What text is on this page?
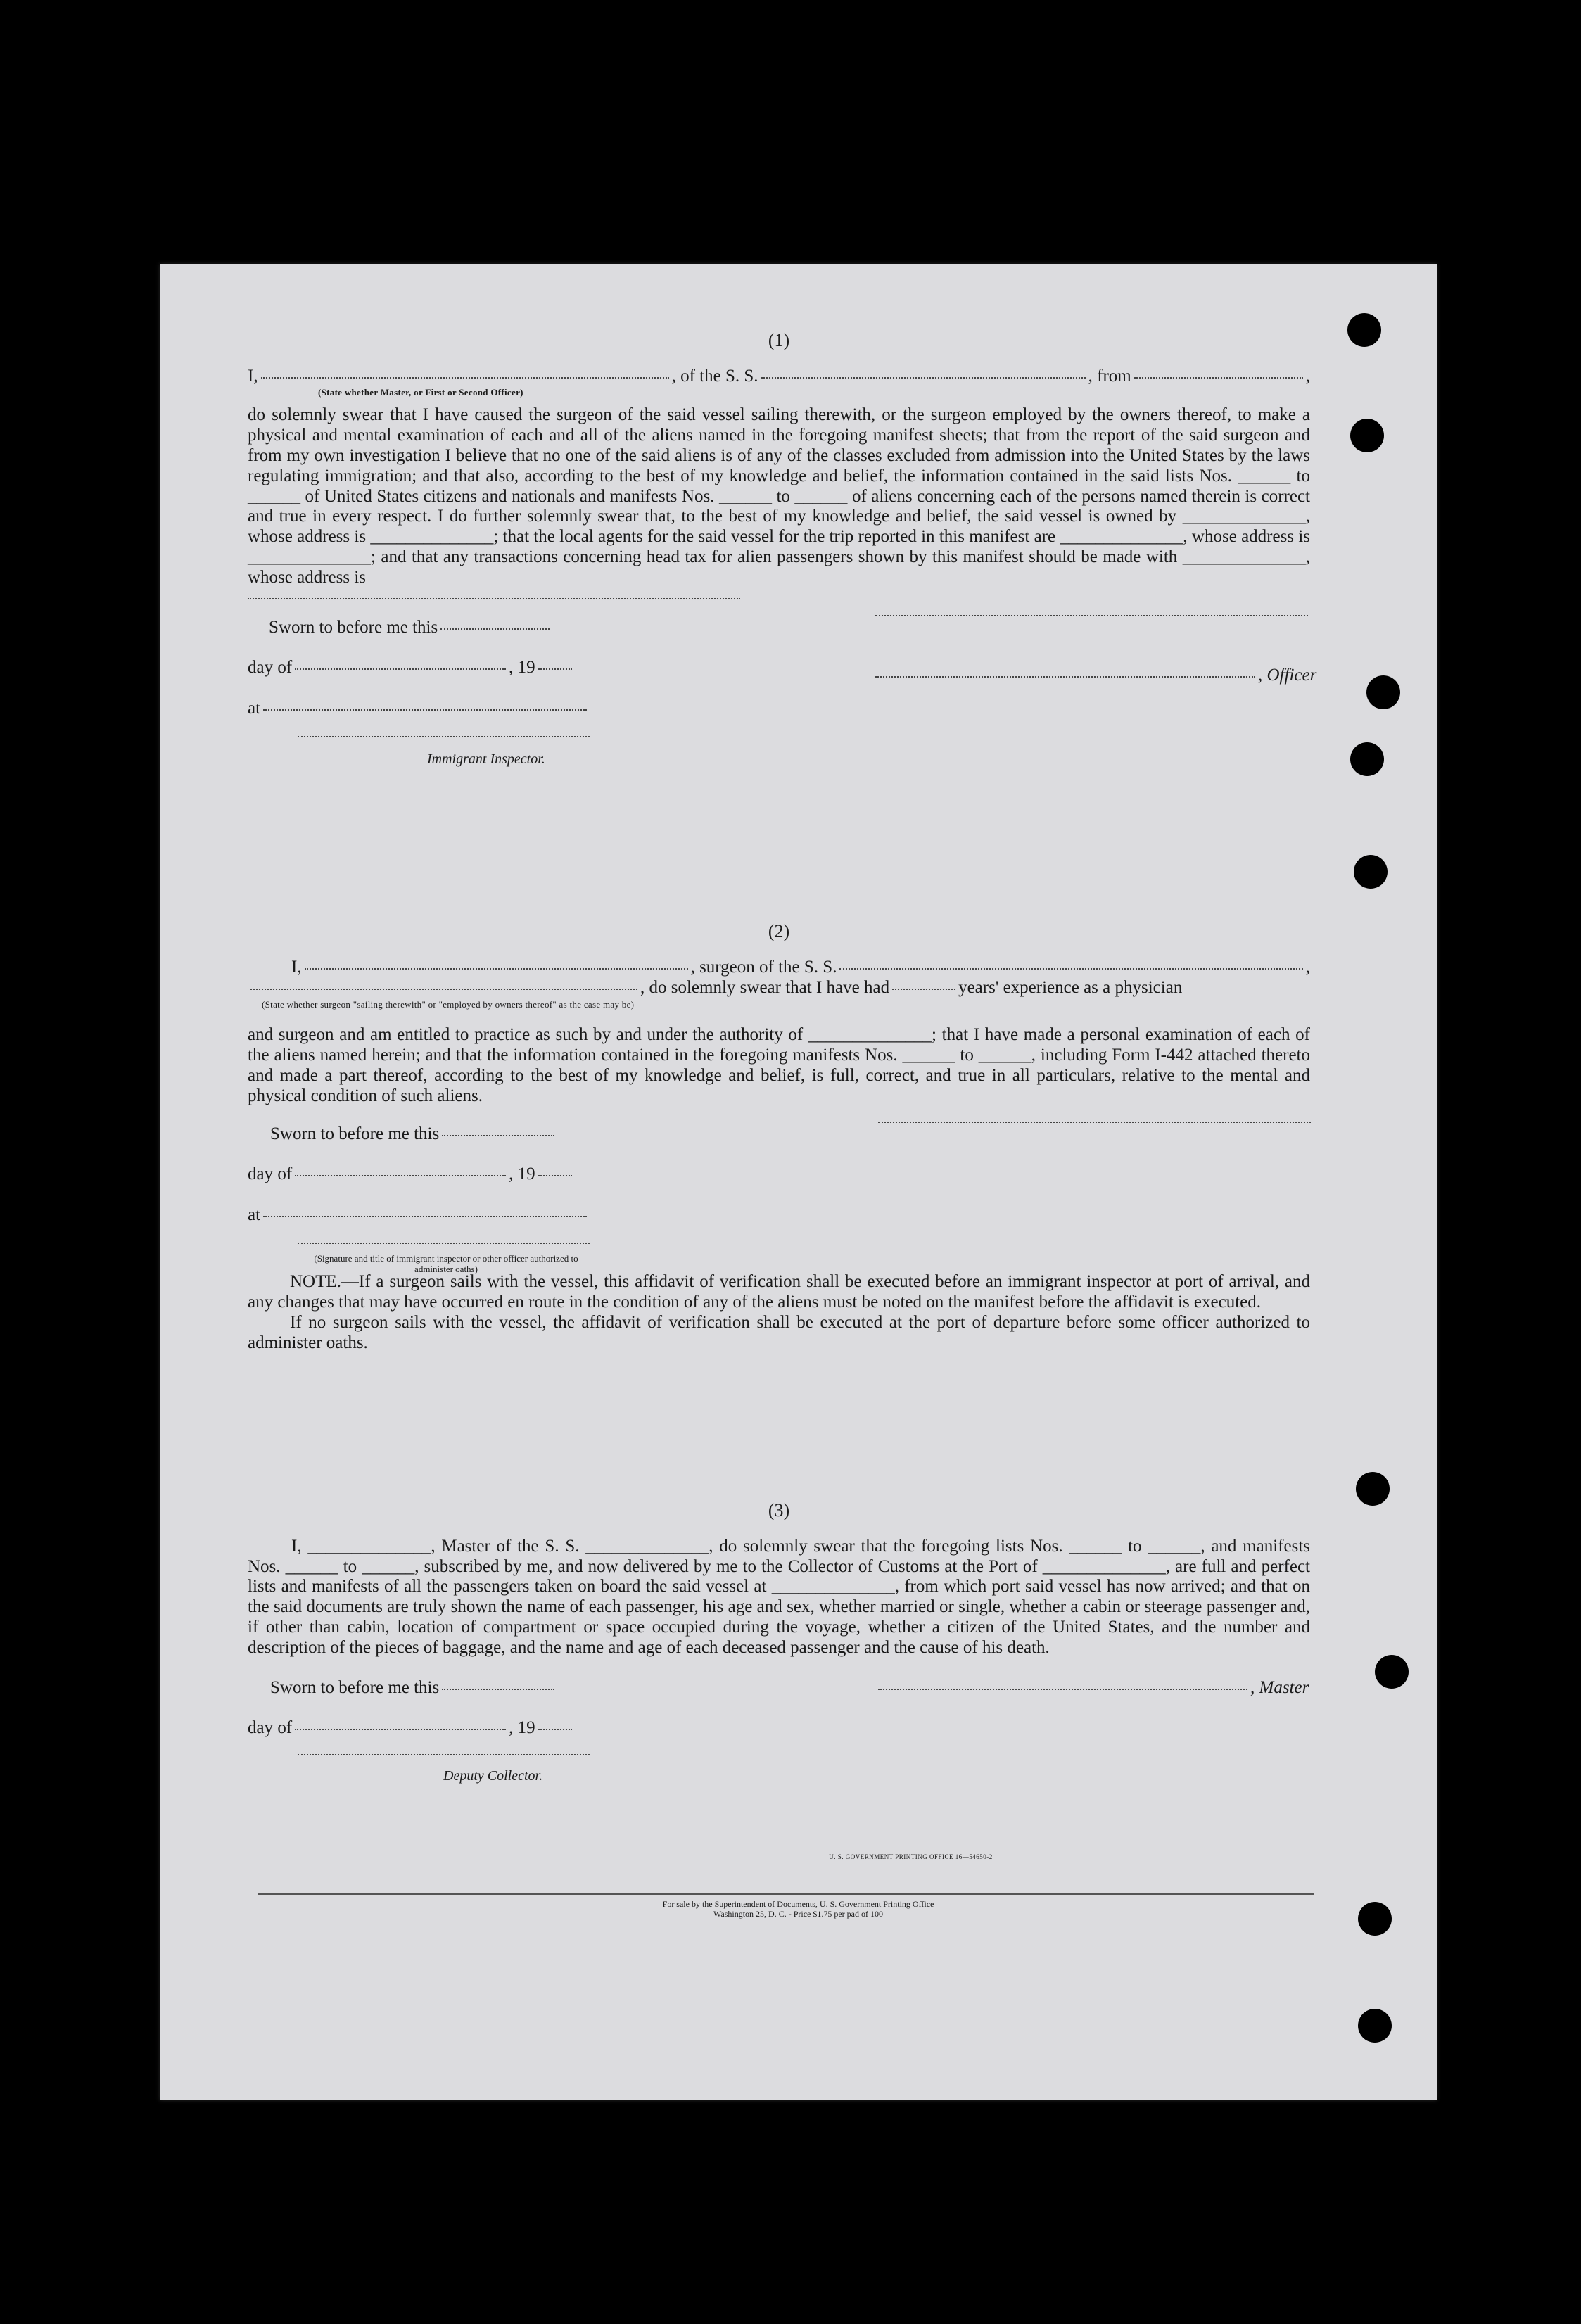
(1)
I,	, of the S. S.	, from	,
(State whether Master, or First or Second Officer)
do solemnly swear that I have caused the surgeon of the said vessel sailing therewith, or the surgeon employed by the owners thereof, to make a physical and mental examination of each and all of the aliens named in the foregoing manifest sheets; that from the report of the said surgeon and from my own investigation I believe that no one of the said aliens is of any of the classes excluded from admission into the United States by the laws regulating immigration; and that also, according to the best of my knowledge and belief, the information contained in the said lists Nos. ______ to ______ of United States citizens and nationals and manifests Nos. ______ to ______ of aliens concerning each of the persons named therein is correct and true in every respect. I do further solemnly swear that, to the best of my knowledge and belief, the said vessel is owned by ______________, whose address is ______________; that the local agents for the said vessel for the trip reported in this manifest are ______________, whose address is ______________; and that any transactions concerning head tax for alien passengers shown by this manifest should be made with ______________, whose address is
Sworn to before me this
day of	, 19
at
Immigrant Inspector.
, Officer
(2)
I,	, surgeon of the S. S.	,
, do solemnly swear that I have had	years' experience as a physician
(State whether surgeon "sailing therewith" or "employed by owners thereof" as the case may be)
and surgeon and am entitled to practice as such by and under the authority of ______________; that I have made a personal examination of each of the aliens named herein; and that the information contained in the foregoing manifests Nos. ______ to ______, including Form I-442 attached thereto and made a part thereof, according to the best of my knowledge and belief, is full, correct, and true in all particulars, relative to the mental and physical condition of such aliens.
Sworn to before me this
day of	, 19
at
(Signature and title of immigrant inspector or other officer authorized to administer oaths)
NOTE.—If a surgeon sails with the vessel, this affidavit of verification shall be executed before an immigrant inspector at port of arrival, and any changes that may have occurred en route in the condition of any of the aliens must be noted on the manifest before the affidavit is executed.
If no surgeon sails with the vessel, the affidavit of verification shall be executed at the port of departure before some officer authorized to administer oaths.
(3)
I, ______________, Master of the S. S. ______________, do solemnly swear that the foregoing lists Nos. ______ to ______, and manifests Nos. ______ to ______, subscribed by me, and now delivered by me to the Collector of Customs at the Port of ______________, are full and perfect lists and manifests of all the passengers taken on board the said vessel at ______________, from which port said vessel has now arrived; and that on the said documents are truly shown the name of each passenger, his age and sex, whether married or single, whether a cabin or steerage passenger and, if other than cabin, location of compartment or space occupied during the voyage, whether a citizen of the United States, and the number and description of the pieces of baggage, and the name and age of each deceased passenger and the cause of his death.
Sworn to before me this
day of	, 19
Deputy Collector.
, Master
U. S. GOVERNMENT PRINTING OFFICE 16—54650-2
For sale by the Superintendent of Documents, U. S. Government Printing Office
Washington 25, D. C. - Price $1.75 per pad of 100
